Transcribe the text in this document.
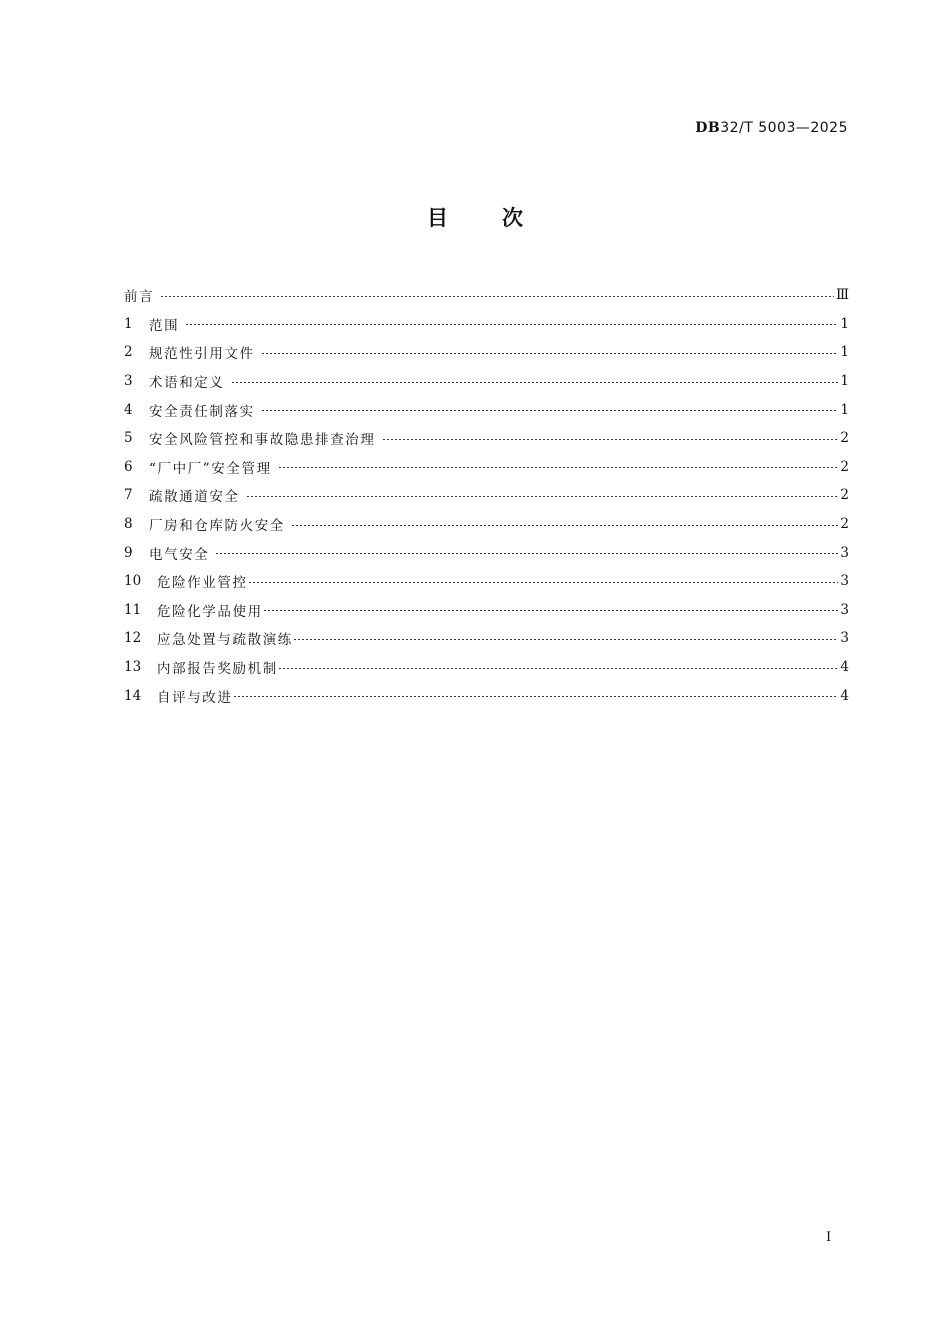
DB32/T 5003—2025
目次
前言	Ⅲ
1	范围	1
2	规范性引用文件	1
3	术语和定义	1
4	安全责任制落实	1
5	安全风险管控和事故隐患排查治理	2
6	“厂中厂”安全管理	2
7	疏散通道安全	2
8	厂房和仓库防火安全	2
9	电气安全	3
10	危险作业管控	3
11	危险化学品使用	3
12	应急处置与疏散演练	3
13	内部报告奖励机制	4
14	自评与改进	4
I
